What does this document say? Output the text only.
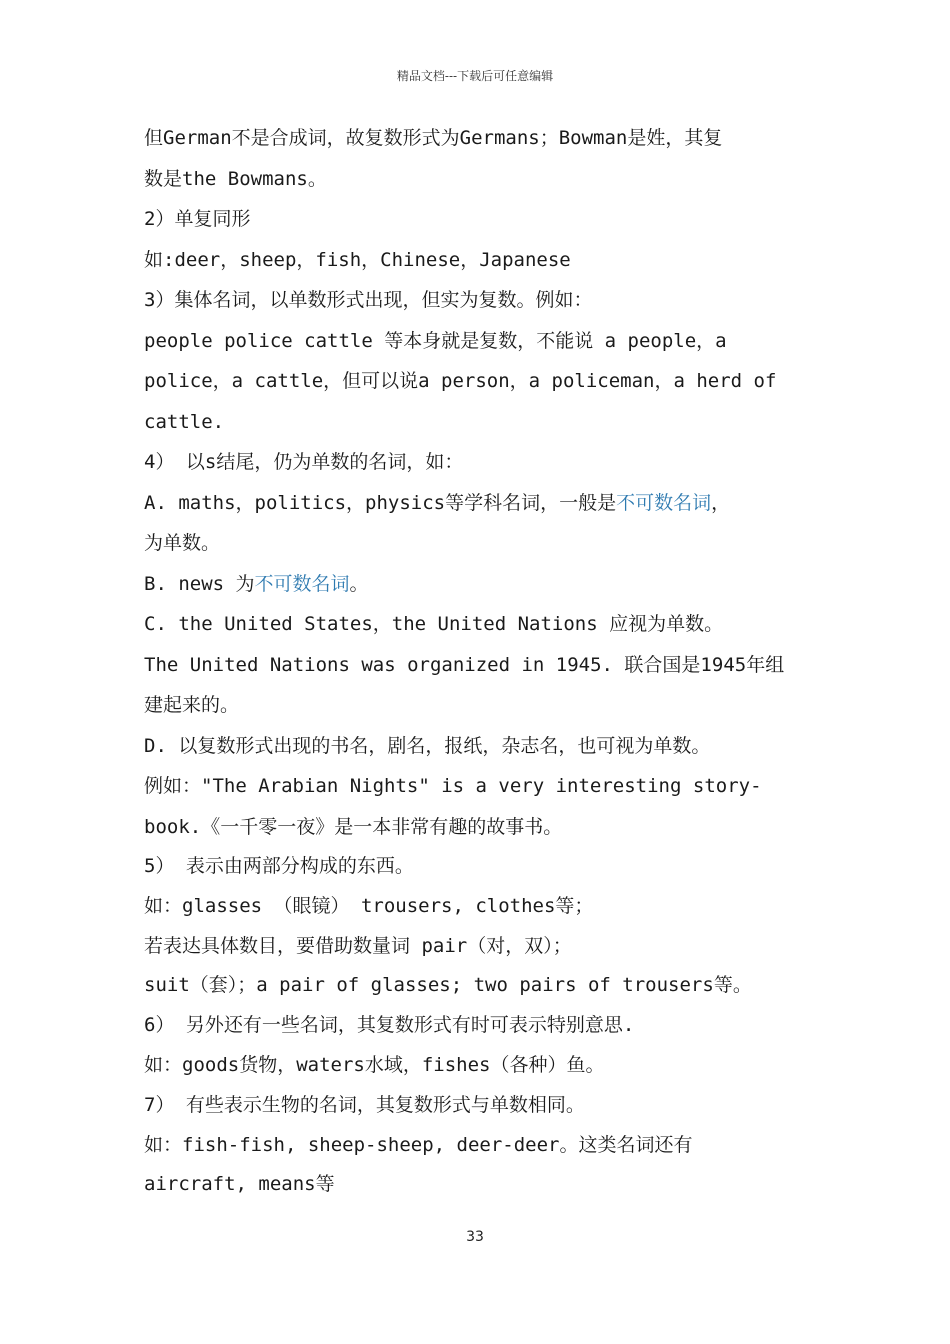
精品文档---下载后可任意编辑
但German不是合成词，故复数形式为Germans；Bowman是姓，其复
数是the Bowmans。
2）单复同形
如:deer，sheep，fish，Chinese，Japanese
3）集体名词，以单数形式出现，但实为复数。例如：
people police cattle 等本身就是复数，不能说 a people，a
police，a cattle，但可以说a person，a policeman，a herd of
cattle.
4） 以s结尾，仍为单数的名词，如：
A. maths，politics，physics等学科名词，一般是不可数名词，
为单数。
B. news 为不可数名词。
C. the United States，the United Nations 应视为单数。
The United Nations was organized in 1945. 联合国是1945年组
建起来的。
D. 以复数形式出现的书名，剧名，报纸，杂志名，也可视为单数。
例如："The Arabian Nights" is a very interesting story-
book.《一千零一夜》是一本非常有趣的故事书。
5） 表示由两部分构成的东西。
如：glasses （眼镜） trousers, clothes等；
若表达具体数目，要借助数量词 pair（对，双）；
suit（套）；a pair of glasses; two pairs of trousers等。
6） 另外还有一些名词，其复数形式有时可表示特别意思.
如：goods货物，waters水域，fishes（各种）鱼。
7） 有些表示生物的名词，其复数形式与单数相同。
如：fish-fish, sheep-sheep, deer-deer。这类名词还有
aircraft, means等
33
